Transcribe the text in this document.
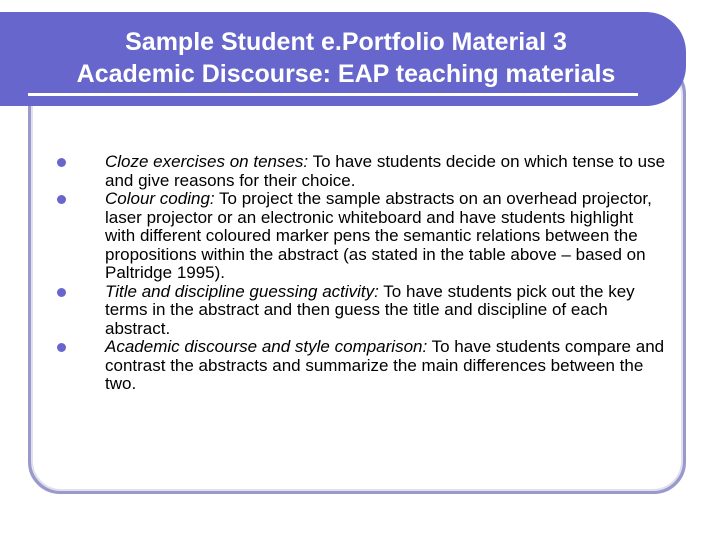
Sample Student e.Portfolio Material 3
Academic Discourse: EAP teaching materials
Cloze exercises on tenses: To have students decide on which tense to use and give reasons for their choice.
Colour coding: To project the sample abstracts on an overhead projector, laser projector or an electronic whiteboard and have students highlight with different coloured marker pens the semantic relations between the propositions within the abstract (as stated in the table above – based on Paltridge 1995).
Title and discipline guessing activity: To have students pick out the key terms in the abstract and then guess the title and discipline of each abstract.
Academic discourse and style comparison: To have students compare and contrast the abstracts and summarize the main differences between the two.
